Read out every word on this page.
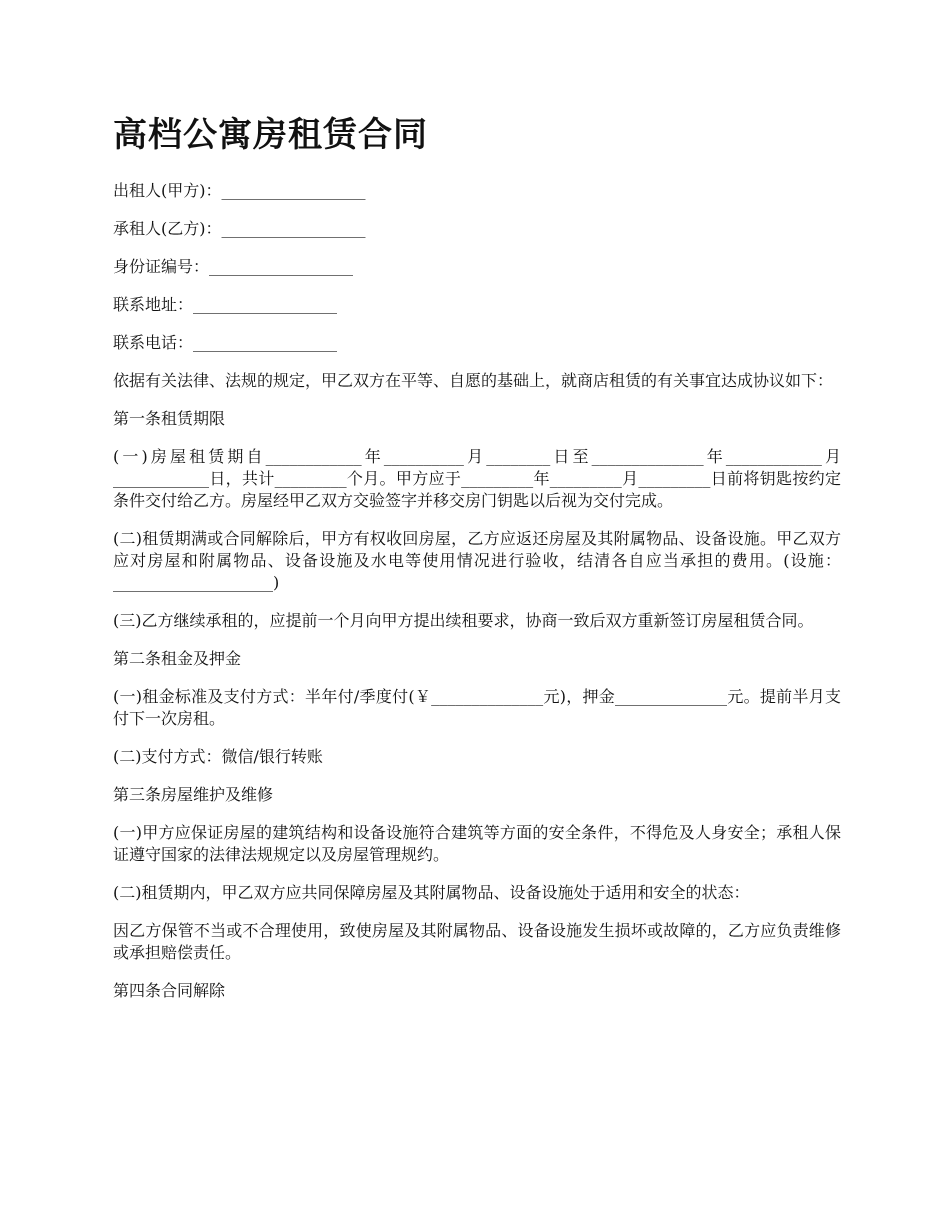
高档公寓房租赁合同

出租人(甲方)：__________________

承租人(乙方)：__________________

身份证编号：__________________

联系地址：__________________

联系电话：__________________

依据有关法律、法规的规定，甲乙双方在平等、自愿的基础上，就商店租赁的有关事宜达成协议如下：

第一条租赁期限

(一)房屋租赁期自____________年__________月________日至______________年____________月____________日，共计_________个月。甲方应于_________年_________月_________日前将钥匙按约定条件交付给乙方。房屋经甲乙双方交验签字并移交房门钥匙以后视为交付完成。

(二)租赁期满或合同解除后，甲方有权收回房屋，乙方应返还房屋及其附属物品、设备设施。甲乙双方应对房屋和附属物品、设备设施及水电等使用情况进行验收，结清各自应当承担的费用。(设施：____________________)

(三)乙方继续承租的，应提前一个月向甲方提出续租要求，协商一致后双方重新签订房屋租赁合同。

第二条租金及押金

(一)租金标准及支付方式：半年付/季度付(￥______________元)，押金______________元。提前半月支付下一次房租。

(二)支付方式：微信/银行转账

第三条房屋维护及维修

(一)甲方应保证房屋的建筑结构和设备设施符合建筑等方面的安全条件，不得危及人身安全；承租人保证遵守国家的法律法规规定以及房屋管理规约。

(二)租赁期内，甲乙双方应共同保障房屋及其附属物品、设备设施处于适用和安全的状态：

因乙方保管不当或不合理使用，致使房屋及其附属物品、设备设施发生损坏或故障的，乙方应负责维修或承担赔偿责任。

第四条合同解除
